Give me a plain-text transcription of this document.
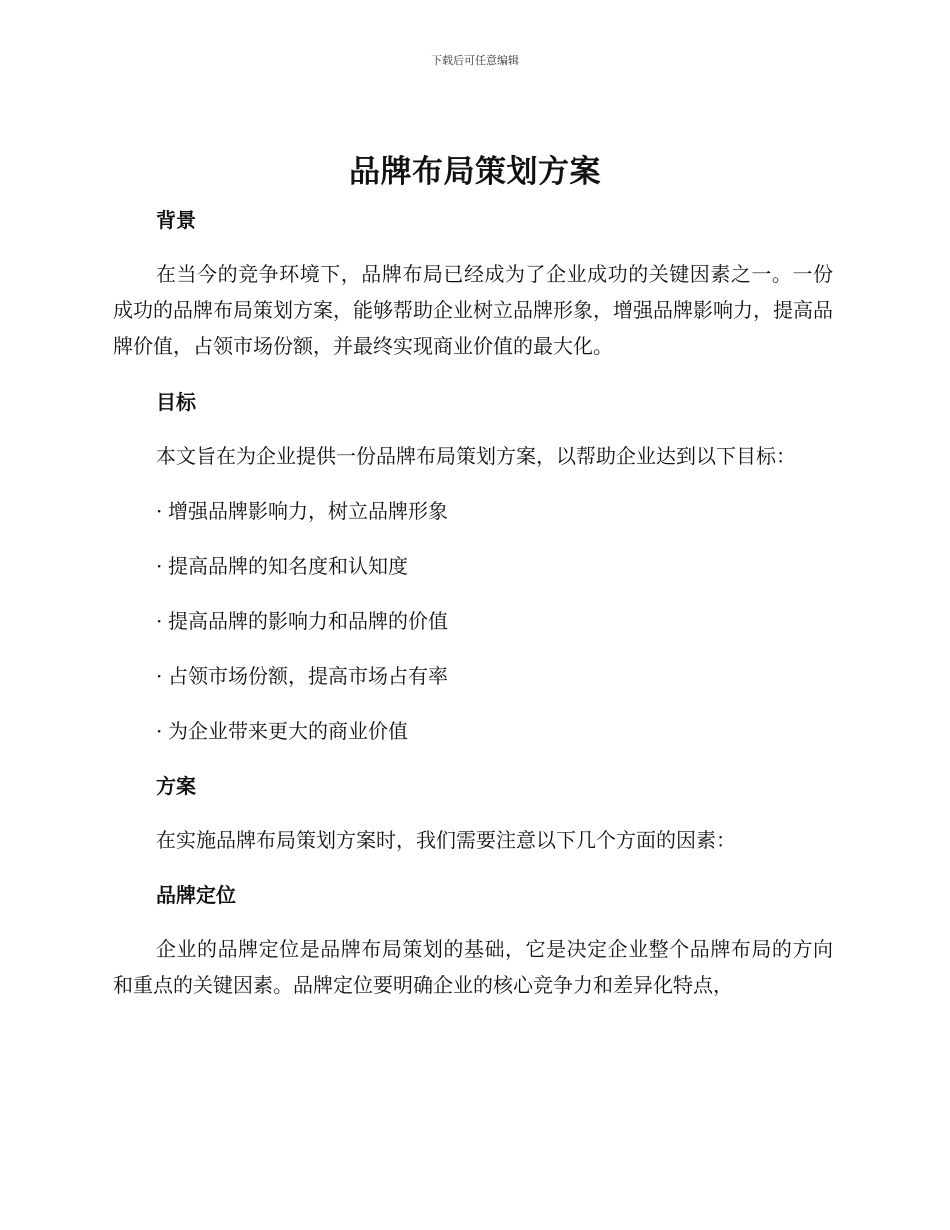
下载后可任意编辑
品牌布局策划方案

背景

在当今的竞争环境下，品牌布局已经成为了企业成功的关键因素之一。一份成功的品牌布局策划方案，能够帮助企业树立品牌形象，增强品牌影响力，提高品牌价值，占领市场份额，并最终实现商业价值的最大化。

目标

本文旨在为企业提供一份品牌布局策划方案，以帮助企业达到以下目标：

· 增强品牌影响力，树立品牌形象

· 提高品牌的知名度和认知度

· 提高品牌的影响力和品牌的价值

· 占领市场份额，提高市场占有率

· 为企业带来更大的商业价值

方案

在实施品牌布局策划方案时，我们需要注意以下几个方面的因素：

品牌定位

企业的品牌定位是品牌布局策划的基础，它是决定企业整个品牌布局的方向和重点的关键因素。品牌定位要明确企业的核心竞争力和差异化特点，
